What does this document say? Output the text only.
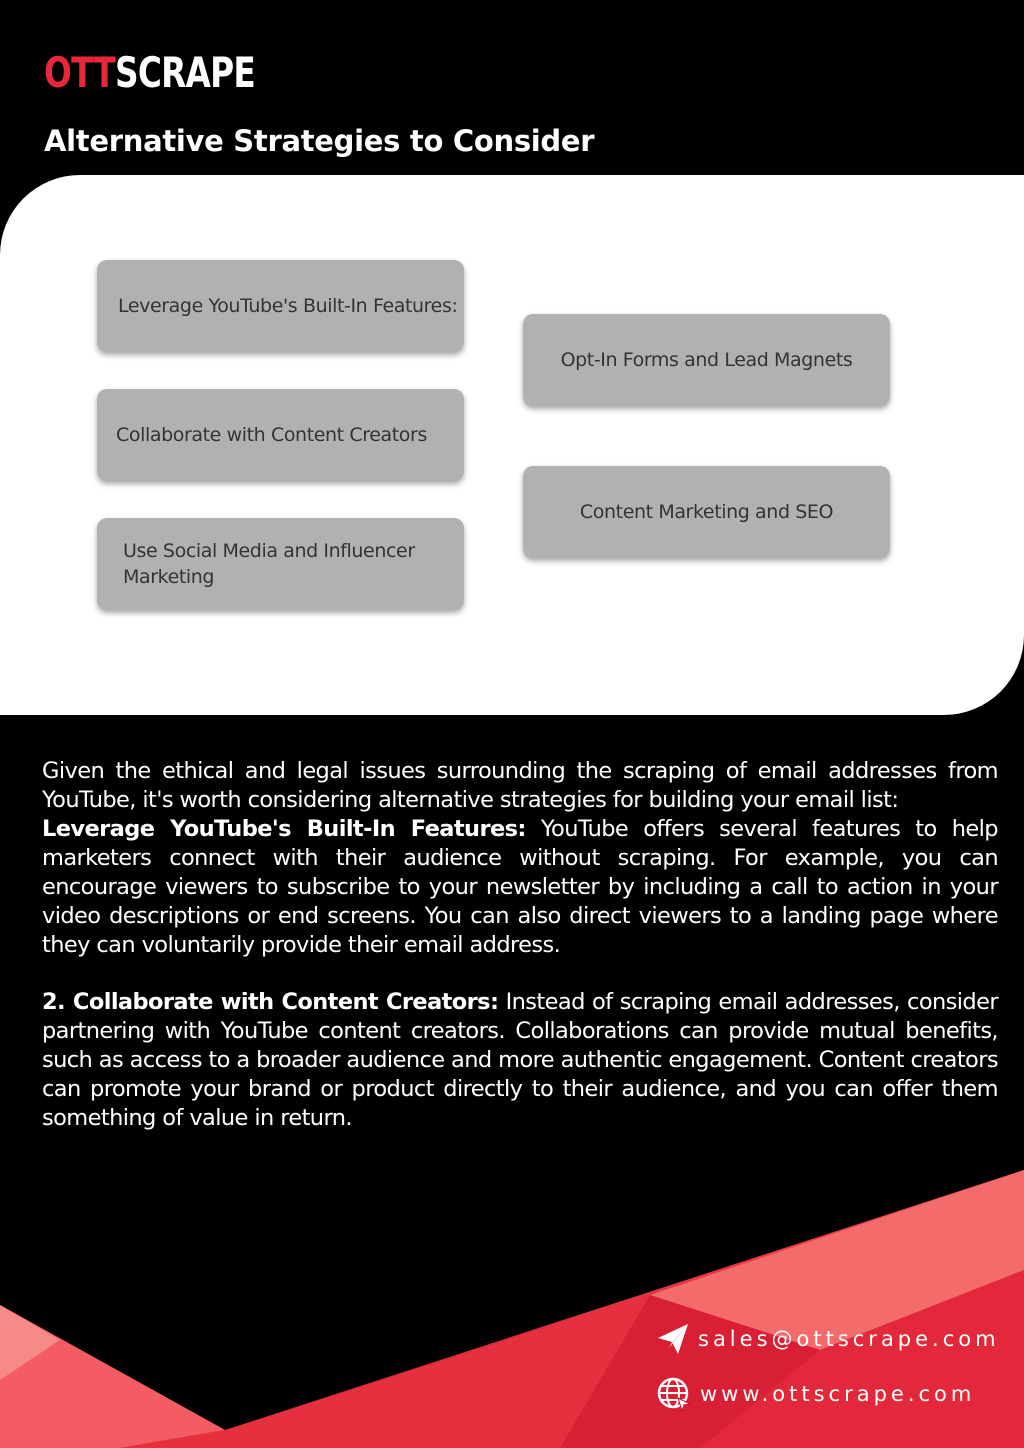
OTT SCRAPE
Alternative Strategies to Consider
Leverage YouTube's Built-In Features:
Collaborate with Content Creators
Use Social Media and Influencer Marketing
Opt-In Forms and Lead Magnets
Content Marketing and SEO

Given the ethical and legal issues surrounding the scraping of email addresses from YouTube, it's worth considering alternative strategies for building your email list:

Leverage YouTube's Built-In Features: YouTube offers several features to help marketers connect with their audience without scraping. For example, you can encourage viewers to subscribe to your newsletter by including a call to action in your video descriptions or end screens. You can also direct viewers to a landing page where they can voluntarily provide their email address.

2. Collaborate with Content Creators: Instead of scraping email addresses, consider partnering with YouTube content creators. Collaborations can provide mutual benefits, such as access to a broader audience and more authentic engagement. Content creators can promote your brand or product directly to their audience, and you can offer them something of value in return.

sales@ottscrape.com
www.ottscrape.com
